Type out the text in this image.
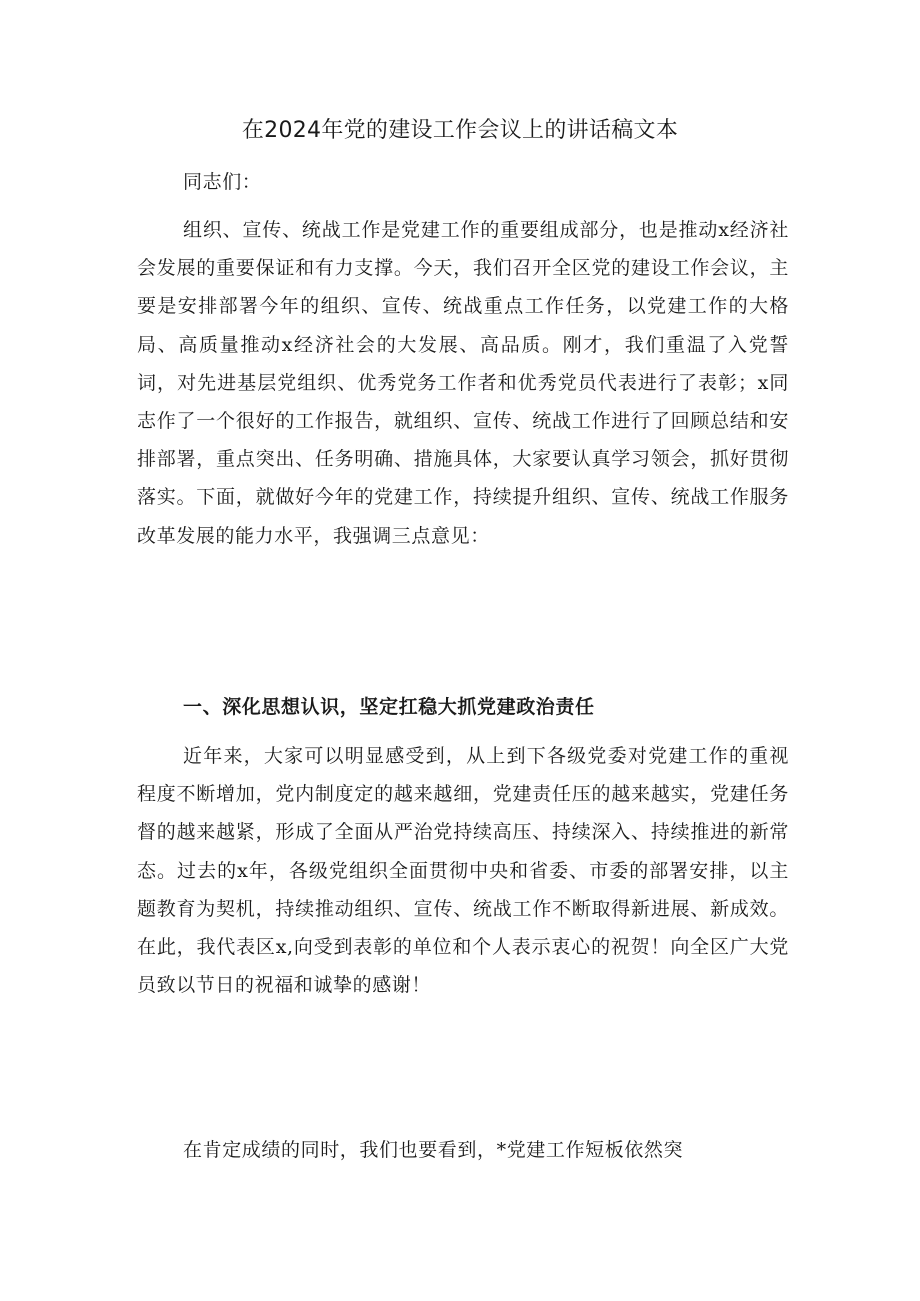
在2024年党的建设工作会议上的讲话稿文本

同志们：

组织、宣传、统战工作是党建工作的重要组成部分，也是推动x经济社会发展的重要保证和有力支撑。今天，我们召开全区党的建设工作会议，主要是安排部署今年的组织、宣传、统战重点工作任务，以党建工作的大格局、高质量推动x经济社会的大发展、高品质。刚才，我们重温了入党誓词，对先进基层党组织、优秀党务工作者和优秀党员代表进行了表彰；x同志作了一个很好的工作报告，就组织、宣传、统战工作进行了回顾总结和安排部署，重点突出、任务明确、措施具体，大家要认真学习领会，抓好贯彻落实。下面，就做好今年的党建工作，持续提升组织、宣传、统战工作服务改革发展的能力水平，我强调三点意见：

一、深化思想认识，坚定扛稳大抓党建政治责任

近年来，大家可以明显感受到，从上到下各级党委对党建工作的重视程度不断增加，党内制度定的越来越细，党建责任压的越来越实，党建任务督的越来越紧，形成了全面从严治党持续高压、持续深入、持续推进的新常态。过去的x年，各级党组织全面贯彻中央和省委、市委的部署安排，以主题教育为契机，持续推动组织、宣传、统战工作不断取得新进展、新成效。在此，我代表区x,向受到表彰的单位和个人表示衷心的祝贺！向全区广大党员致以节日的祝福和诚挚的感谢！

在肯定成绩的同时，我们也要看到，*党建工作短板依然突
